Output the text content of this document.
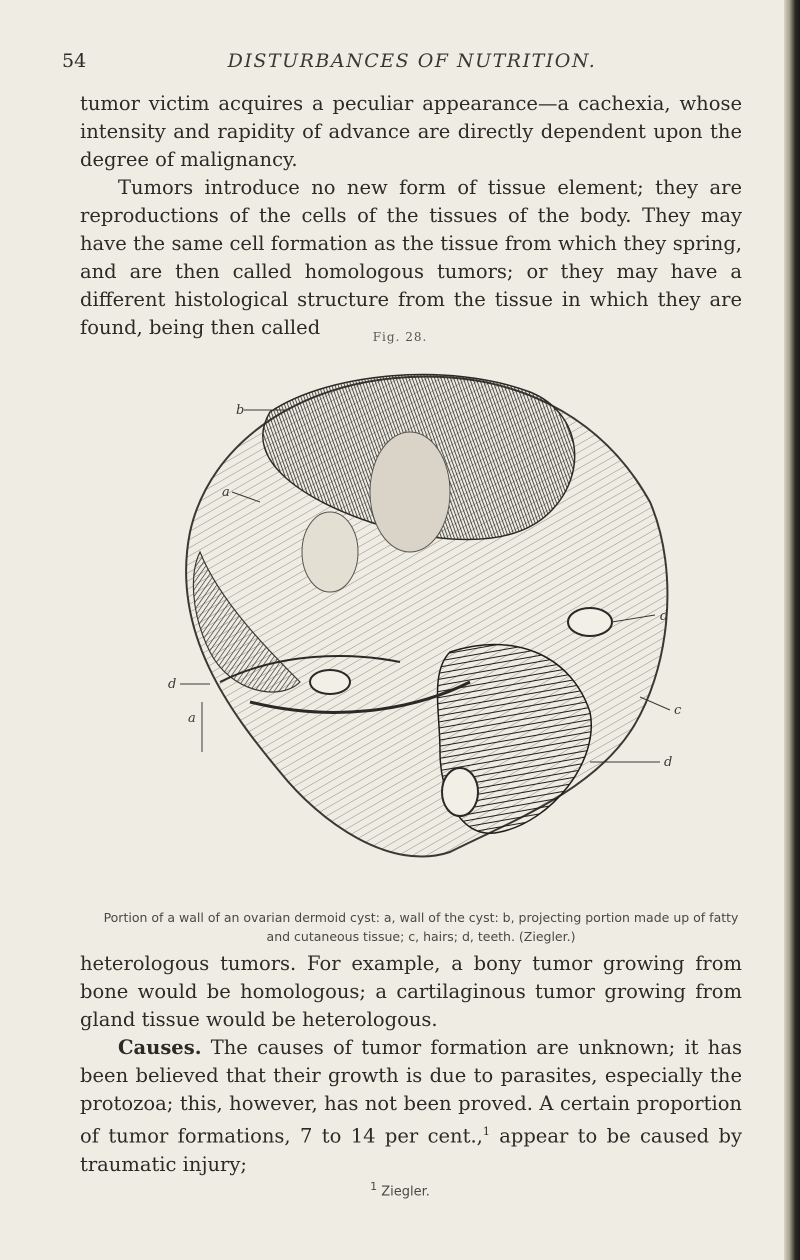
54	DISTURBANCES OF NUTRITION.

tumor victim acquires a peculiar appearance—a cachexia, whose intensity and rapidity of advance are directly dependent upon the degree of malignancy.

Tumors introduce no new form of tissue element; they are reproductions of the cells of the tissues of the body. They may have the same cell formation as the tissue from which they spring, and are then called homologous tumors; or they may have a different histological structure from the tissue in which they are found, being then called	Fig. 28.
b
a
d
a
d
c
d
Portion of a wall of an ovarian dermoid cyst: a, wall of the cyst: b, projecting portion made up of fatty and cutaneous tissue; c, hairs; d, teeth. (Ziegler.)

heterologous tumors. For example, a bony tumor growing from bone would be homologous; a cartilaginous tumor growing from gland tissue would be heterologous.

Causes. The causes of tumor formation are unknown; it has been believed that their growth is due to parasites, especially the protozoa; this, however, has not been proved. A certain proportion of tumor formations, 7 to 14 per cent.,$^1$ appear to be caused by traumatic injury;

$^1$ Ziegler.
